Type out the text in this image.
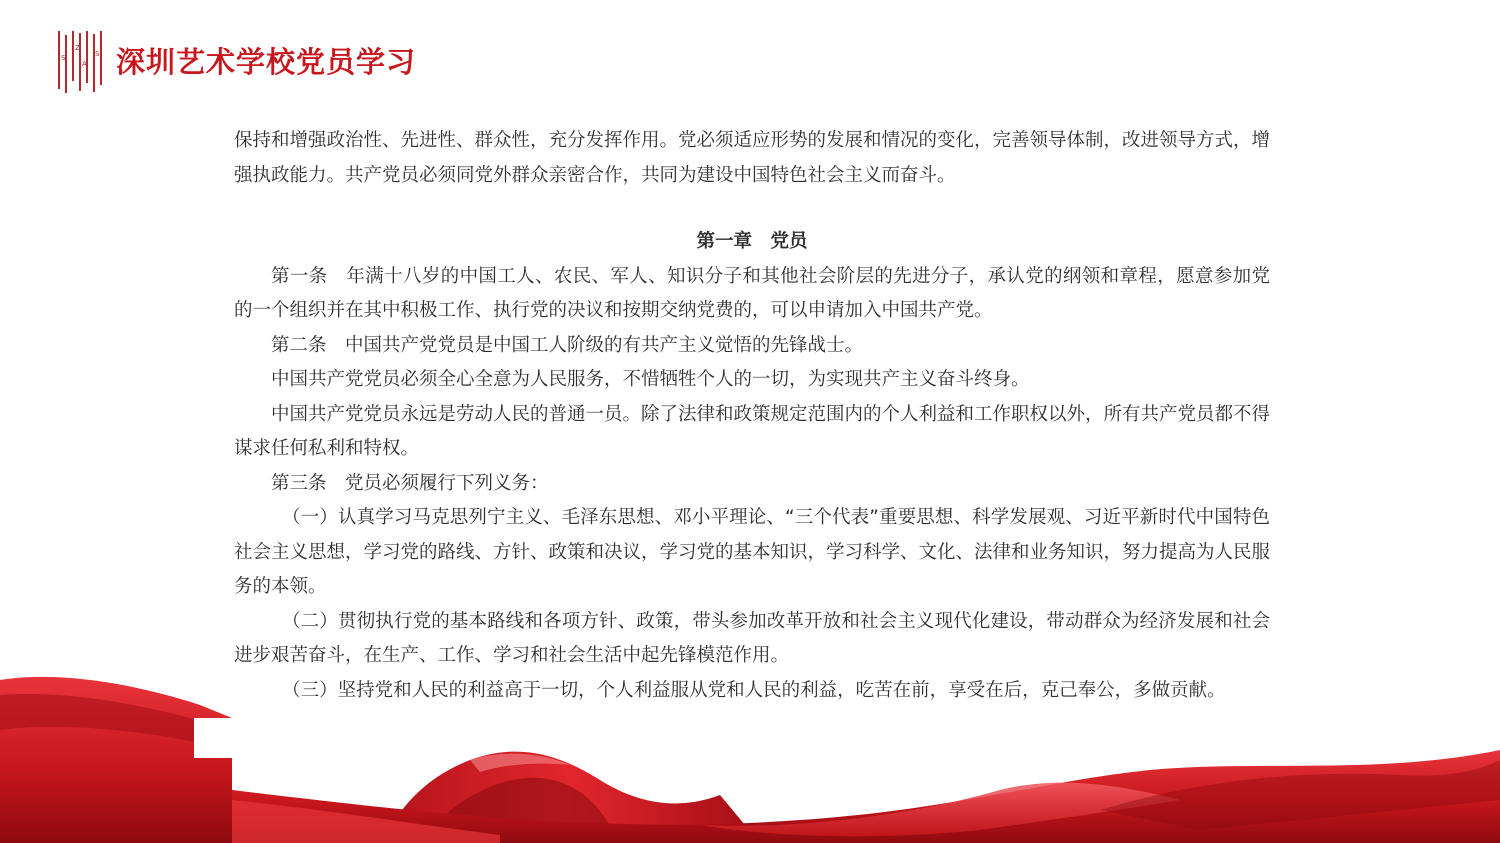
S
Z
A
S 深圳艺术学校党员学习

保持和增强政治性、先进性、群众性，充分发挥作用。党必须适应形势的发展和情况的变化，完善领导体制，改进领导方式，增强执政能力。共产党员必须同党外群众亲密合作，共同为建设中国特色社会主义而奋斗。

第一章　党员

第一条 年满十八岁的中国工人、农民、军人、知识分子和其他社会阶层的先进分子，承认党的纲领和章程，愿意参加党的一个组织并在其中积极工作、执行党的决议和按期交纳党费的，可以申请加入中国共产党。

第二条 中国共产党党员是中国工人阶级的有共产主义觉悟的先锋战士。

中国共产党党员必须全心全意为人民服务，不惜牺牲个人的一切，为实现共产主义奋斗终身。

中国共产党党员永远是劳动人民的普通一员。除了法律和政策规定范围内的个人利益和工作职权以外，所有共产党员都不得谋求任何私利和特权。

第三条 党员必须履行下列义务：

（一）认真学习马克思列宁主义、毛泽东思想、邓小平理论、“三个代表”重要思想、科学发展观、习近平新时代中国特色社会主义思想，学习党的路线、方针、政策和决议，学习党的基本知识，学习科学、文化、法律和业务知识，努力提高为人民服务的本领。

（二）贯彻执行党的基本路线和各项方针、政策，带头参加改革开放和社会主义现代化建设，带动群众为经济发展和社会进步艰苦奋斗，在生产、工作、学习和社会生活中起先锋模范作用。

（三）坚持党和人民的利益高于一切，个人利益服从党和人民的利益，吃苦在前，享受在后，克己奉公，多做贡献。
